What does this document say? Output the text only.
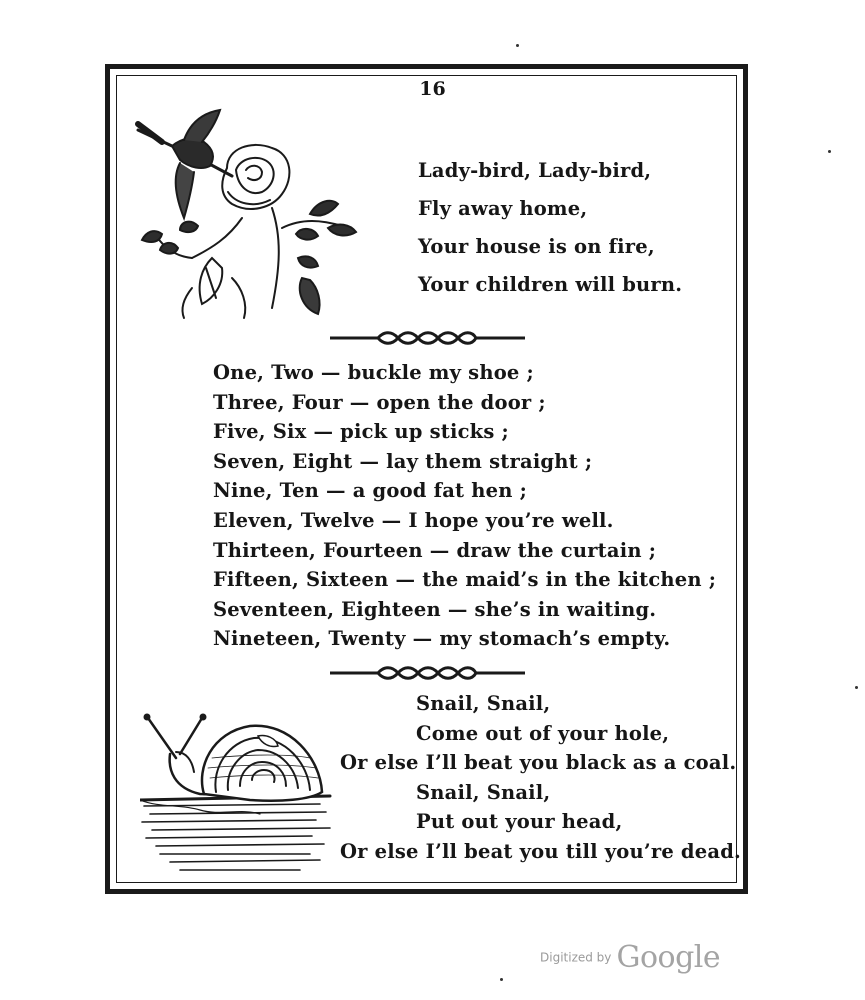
16
Lady-bird, Lady-bird,
Fly away home,
Your house is on fire,
Your children will burn.
One, Two — buckle my shoe ;
Three, Four — open the door ;
Five, Six — pick up sticks ;
Seven, Eight — lay them straight ;
Nine, Ten — a good fat hen ;
Eleven, Twelve — I hope you’re well.
Thirteen, Fourteen — draw the curtain ;
Fifteen, Sixteen — the maid’s in the kitchen ;
Seventeen, Eighteen — she’s in waiting.
Nineteen, Twenty — my stomach’s empty.
Snail, Snail,
Come out of your hole,
Or else I’ll beat you black as a coal.
Snail, Snail,
Put out your head,
Or else I’ll beat you till you’re dead.
Digitized by Google
